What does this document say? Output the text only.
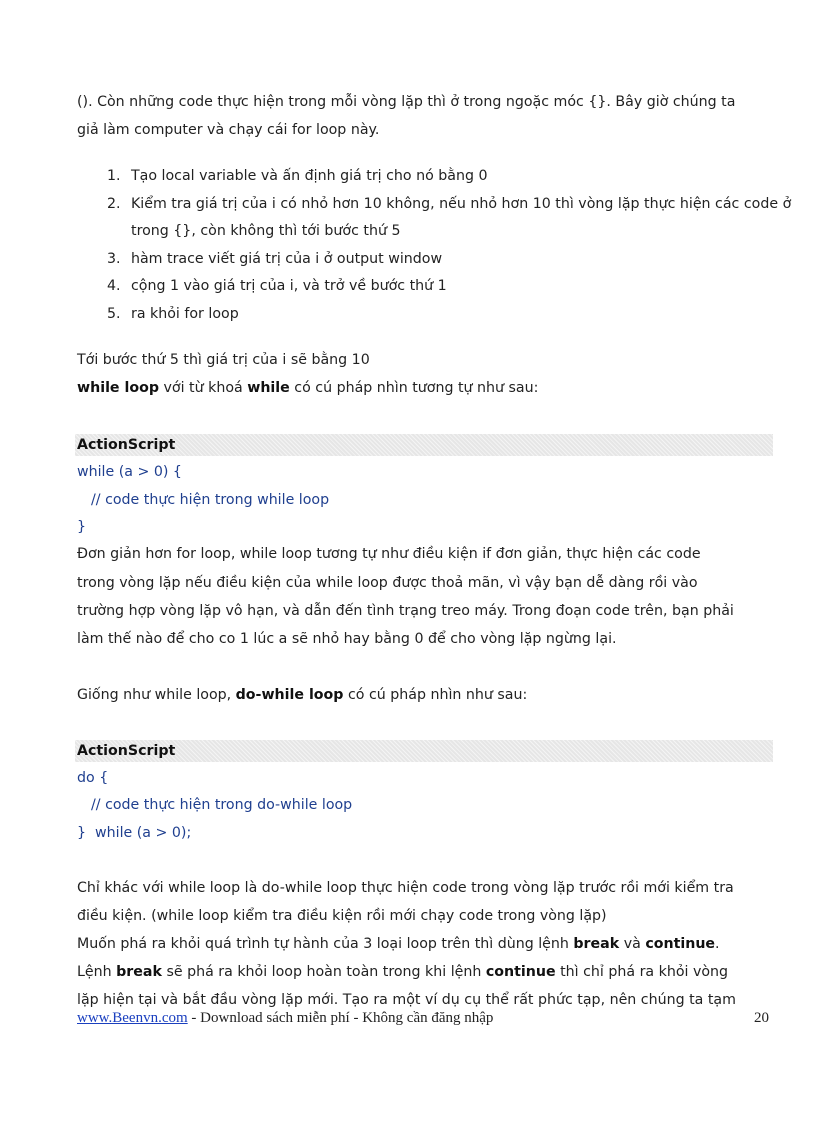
(). Còn những code thực hiện trong mỗi vòng lặp thì ở trong ngoặc móc {}. Bây giờ chúng ta

giả làm computer và chạy cái for loop này.

1. Tạo local variable và ấn định giá trị cho nó bằng 0
2. Kiểm tra giá trị của i có nhỏ hơn 10 không, nếu nhỏ hơn 10 thì vòng lặp thực hiện các code ở trong {}, còn không thì tới bước thứ 5
3. hàm trace viết giá trị của i ở output window
4. cộng 1 vào giá trị của i, và trở về bước thứ 1
5. ra khỏi for loop

Tới bước thứ 5 thì giá trị của i sẽ bằng 10

while loop với từ khoá while có cú pháp nhìn tương tự như sau:

ActionScript

while (a > 0) {

// code thực hiện trong while loop

}

Đơn giản hơn for loop, while loop tương tự như điều kiện if đơn giản, thực hiện các code

trong vòng lặp nếu điều kiện của while loop được thoả mãn, vì vậy bạn dễ dàng rồi vào

trường hợp vòng lặp vô hạn, và dẫn đến tình trạng treo máy. Trong đoạn code trên, bạn phải

làm thế nào để cho co 1 lúc a sẽ nhỏ hay bằng 0 để cho vòng lặp ngừng lại.

Giống như while loop, do-while loop có cú pháp nhìn như sau:

ActionScript

do {

// code thực hiện trong do-while loop

}  while (a > 0);

Chỉ khác với while loop là do-while loop thực hiện code trong vòng lặp trước rồi mới kiểm tra

điều kiện. (while loop kiểm tra điều kiện rồi mới chạy code trong vòng lặp)

Muốn phá ra khỏi quá trình tự hành của 3 loại loop trên thì dùng lệnh break và continue.

Lệnh break sẽ phá ra khỏi loop hoàn toàn trong khi lệnh continue thì chỉ phá ra khỏi vòng

lặp hiện tại và bắt đầu vòng lặp mới. Tạo ra một ví dụ cụ thể rất phức tạp, nên chúng ta tạm

www.Beenvn.com - Download sách miễn phí - Không cần đăng nhập	20
